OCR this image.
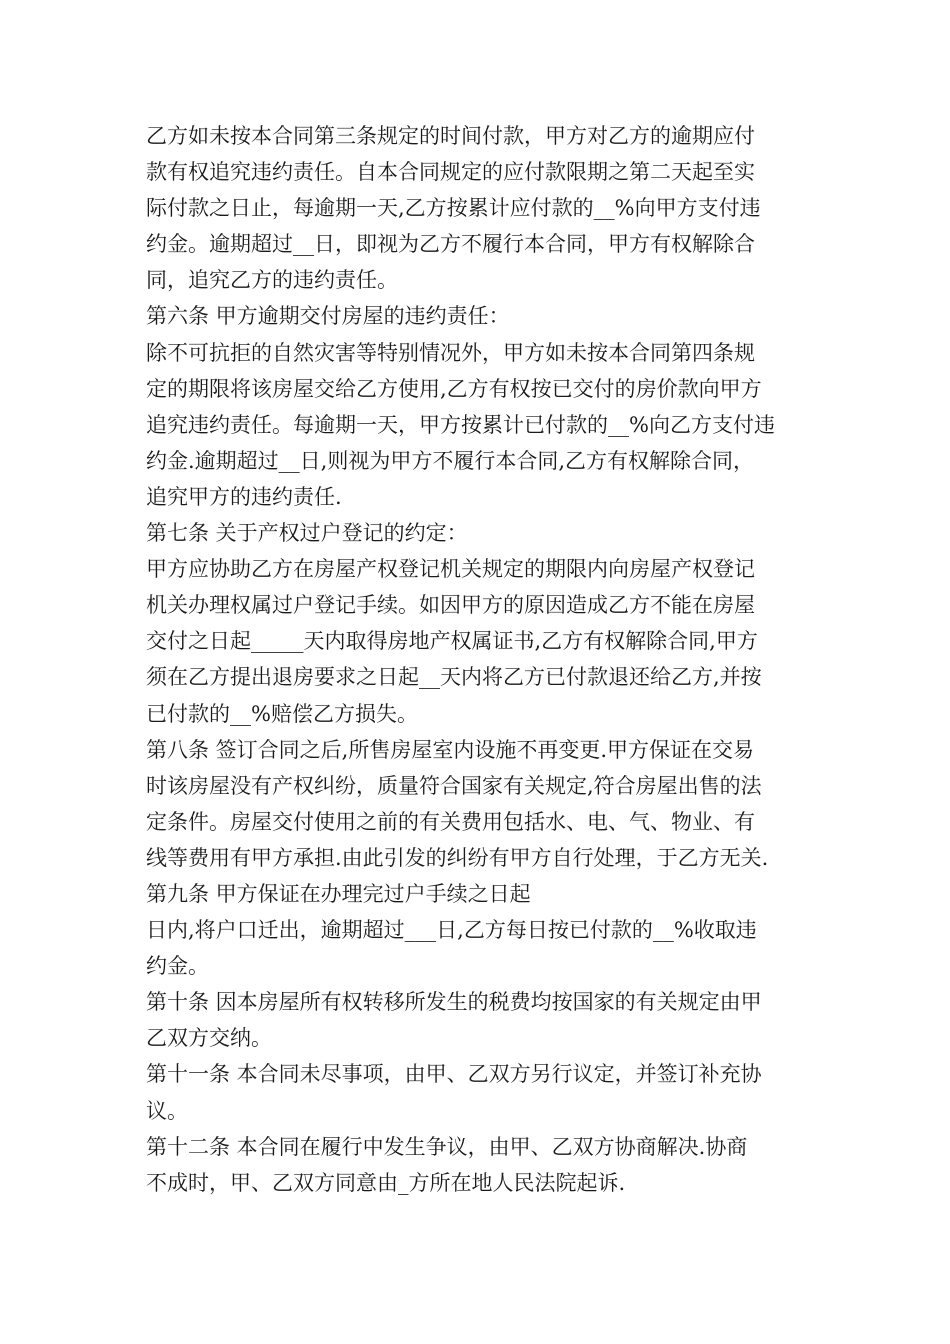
乙方如未按本合同第三条规定的时间付款，甲方对乙方的逾期应付
款有权追究违约责任。自本合同规定的应付款限期之第二天起至实
际付款之日止，每逾期一天,乙方按累计应付款的__%向甲方支付违
约金。逾期超过__日，即视为乙方不履行本合同，甲方有权解除合
同，追究乙方的违约责任。
第六条 甲方逾期交付房屋的违约责任：
除不可抗拒的自然灾害等特别情况外，甲方如未按本合同第四条规
定的期限将该房屋交给乙方使用,乙方有权按已交付的房价款向甲方
追究违约责任。每逾期一天，甲方按累计已付款的__%向乙方支付违
约金.逾期超过__日,则视为甲方不履行本合同,乙方有权解除合同，
追究甲方的违约责任.
第七条 关于产权过户登记的约定：
甲方应协助乙方在房屋产权登记机关规定的期限内向房屋产权登记
机关办理权属过户登记手续。如因甲方的原因造成乙方不能在房屋
交付之日起_____天内取得房地产权属证书,乙方有权解除合同,甲方
须在乙方提出退房要求之日起__天内将乙方已付款退还给乙方,并按
已付款的__%赔偿乙方损失。
第八条 签订合同之后,所售房屋室内设施不再变更.甲方保证在交易
时该房屋没有产权纠纷，质量符合国家有关规定,符合房屋出售的法
定条件。房屋交付使用之前的有关费用包括水、电、气、物业、有
线等费用有甲方承担.由此引发的纠纷有甲方自行处理，于乙方无关.
第九条 甲方保证在办理完过户手续之日起
日内,将户口迁出，逾期超过___日,乙方每日按已付款的__%收取违
约金。
第十条 因本房屋所有权转移所发生的税费均按国家的有关规定由甲
乙双方交纳。
第十一条 本合同未尽事项，由甲、乙双方另行议定，并签订补充协
议。
第十二条 本合同在履行中发生争议，由甲、乙双方协商解决.协商
不成时，甲、乙双方同意由_方所在地人民法院起诉.
